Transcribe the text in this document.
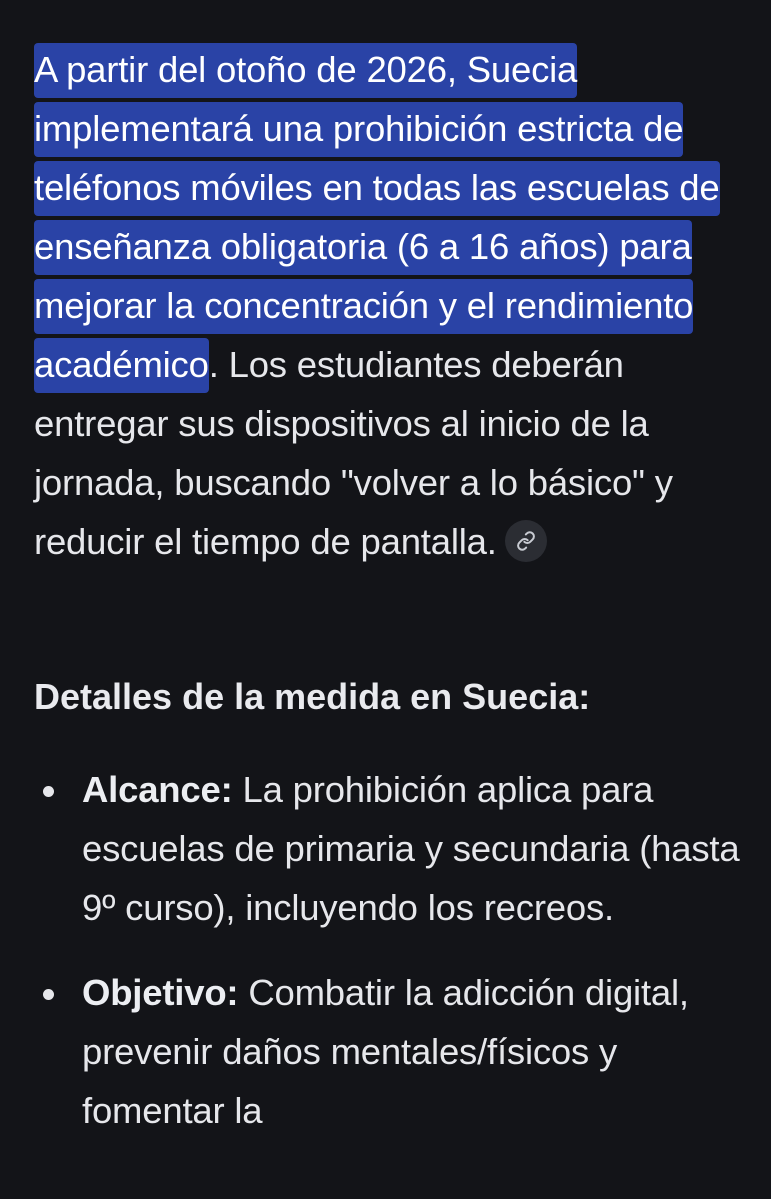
A partir del otoño de 2026, Suecia implementará una prohibición estricta de teléfonos móviles en todas las escuelas de enseñanza obligatoria (6 a 16 años) para mejorar la concentración y el rendimiento académico. Los estudiantes deberán entregar sus dispositivos al inicio de la jornada, buscando "volver a lo básico" y reducir el tiempo de pantalla.

Detalles de la medida en Suecia:
Alcance: La prohibición aplica para escuelas de primaria y secundaria (hasta 9º curso), incluyendo los recreos.
Objetivo: Combatir la adicción digital, prevenir daños mentales/físicos y fomentar la
